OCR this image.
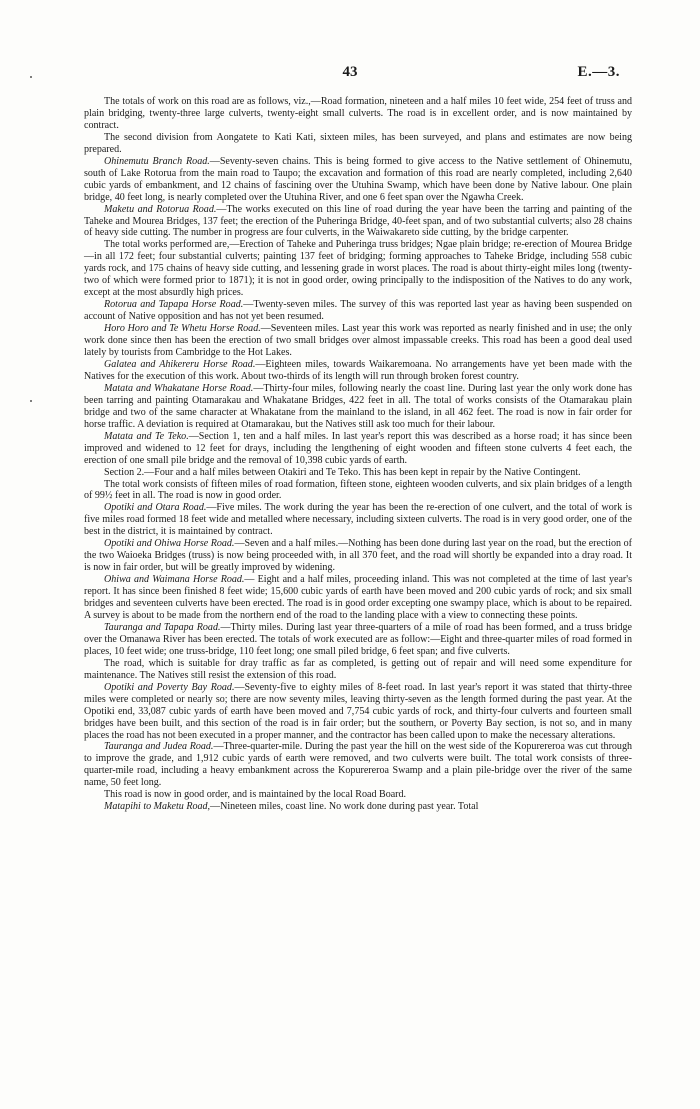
43	E.—3.

The totals of work on this road are as follows, viz.,—Road formation, nineteen and a half miles 10 feet wide, 254 feet of truss and plain bridging, twenty-three large culverts, twenty-eight small culverts. The road is in excellent order, and is now maintained by contract.

The second division from Aongatete to Kati Kati, sixteen miles, has been surveyed, and plans and estimates are now being prepared.

Ohinemutu Branch Road.—Seventy-seven chains. This is being formed to give access to the Native settlement of Ohinemutu, south of Lake Rotorua from the main road to Taupo; the excavation and formation of this road are nearly completed, including 2,640 cubic yards of embankment, and 12 chains of fascining over the Utuhina Swamp, which have been done by Native labour. One plain bridge, 40 feet long, is nearly completed over the Utuhina River, and one 6 feet span over the Ngawha Creek.

Maketu and Rotorua Road.—The works executed on this line of road during the year have been the tarring and painting of the Taheke and Mourea Bridges, 137 feet; the erection of the Puheringa Bridge, 40-feet span, and of two substantial culverts; also 28 chains of heavy side cutting. The number in progress are four culverts, in the Waiwakareto side cutting, by the bridge carpenter.

The total works performed are,—Erection of Taheke and Puheringa truss bridges; Ngae plain bridge; re-erection of Mourea Bridge—in all 172 feet; four substantial culverts; painting 137 feet of bridging; forming approaches to Taheke Bridge, including 558 cubic yards rock, and 175 chains of heavy side cutting, and lessening grade in worst places. The road is about thirty-eight miles long (twenty-two of which were formed prior to 1871); it is not in good order, owing principally to the indisposition of the Natives to do any work, except at the most absurdly high prices.

Rotorua and Tapapa Horse Road.—Twenty-seven miles. The survey of this was reported last year as having been suspended on account of Native opposition and has not yet been resumed.

Horo Horo and Te Whetu Horse Road.—Seventeen miles. Last year this work was reported as nearly finished and in use; the only work done since then has been the erection of two small bridges over almost impassable creeks. This road has been a good deal used lately by tourists from Cambridge to the Hot Lakes.

Galatea and Ahikereru Horse Road.—Eighteen miles, towards Waikaremoana. No arrangements have yet been made with the Natives for the execution of this work. About two-thirds of its length will run through broken forest country.

Matata and Whakatane Horse Road.—Thirty-four miles, following nearly the coast line. During last year the only work done has been tarring and painting Otamarakau and Whakatane Bridges, 422 feet in all. The total of works consists of the Otamarakau plain bridge and two of the same character at Whakatane from the mainland to the island, in all 462 feet. The road is now in fair order for horse traffic. A deviation is required at Otamarakau, but the Natives still ask too much for their labour.

Matata and Te Teko.—Section 1, ten and a half miles. In last year's report this was described as a horse road; it has since been improved and widened to 12 feet for drays, including the lengthening of eight wooden and fifteen stone culverts 4 feet each, the erection of one small pile bridge and the removal of 10,398 cubic yards of earth.

Section 2.—Four and a half miles between Otakiri and Te Teko. This has been kept in repair by the Native Contingent.

The total work consists of fifteen miles of road formation, fifteen stone, eighteen wooden culverts, and six plain bridges of a length of 99½ feet in all. The road is now in good order.

Opotiki and Otara Road.—Five miles. The work during the year has been the re-erection of one culvert, and the total of work is five miles road formed 18 feet wide and metalled where necessary, including sixteen culverts. The road is in very good order, one of the best in the district, it is maintained by contract.

Opotiki and Ohiwa Horse Road.—Seven and a half miles.—Nothing has been done during last year on the road, but the erection of the two Waioeka Bridges (truss) is now being proceeded with, in all 370 feet, and the road will shortly be expanded into a dray road. It is now in fair order, but will be greatly improved by widening.

Ohiwa and Waimana Horse Road.— Eight and a half miles, proceeding inland. This was not completed at the time of last year's report. It has since been finished 8 feet wide; 15,600 cubic yards of earth have been moved and 200 cubic yards of rock; and six small bridges and seventeen culverts have been erected. The road is in good order excepting one swampy place, which is about to be repaired. A survey is about to be made from the northern end of the road to the landing place with a view to connecting these points.

Tauranga and Tapapa Road.—Thirty miles. During last year three-quarters of a mile of road has been formed, and a truss bridge over the Omanawa River has been erected. The totals of work executed are as follow:—Eight and three-quarter miles of road formed in places, 10 feet wide; one truss-bridge, 110 feet long; one small piled bridge, 6 feet span; and five culverts.

The road, which is suitable for dray traffic as far as completed, is getting out of repair and will need some expenditure for maintenance. The Natives still resist the extension of this road.

Opotiki and Poverty Bay Road.—Seventy-five to eighty miles of 8-feet road. In last year's report it was stated that thirty-three miles were completed or nearly so; there are now seventy miles, leaving thirty-seven as the length formed during the past year. At the Opotiki end, 33,087 cubic yards of earth have been moved and 7,754 cubic yards of rock, and thirty-four culverts and fourteen small bridges have been built, and this section of the road is in fair order; but the southern, or Poverty Bay section, is not so, and in many places the road has not been executed in a proper manner, and the contractor has been called upon to make the necessary alterations.

Tauranga and Judea Road.—Three-quarter-mile. During the past year the hill on the west side of the Kopurererоa was cut through to improve the grade, and 1,912 cubic yards of earth were removed, and two culverts were built. The total work consists of three-quarter-mile road, including a heavy embankment across the Kopurererоa Swamp and a plain pile-bridge over the river of the same name, 50 feet long.

This road is now in good order, and is maintained by the local Road Board.

Matapihi to Maketu Road,—Nineteen miles, coast line. No work done during past year. Total
